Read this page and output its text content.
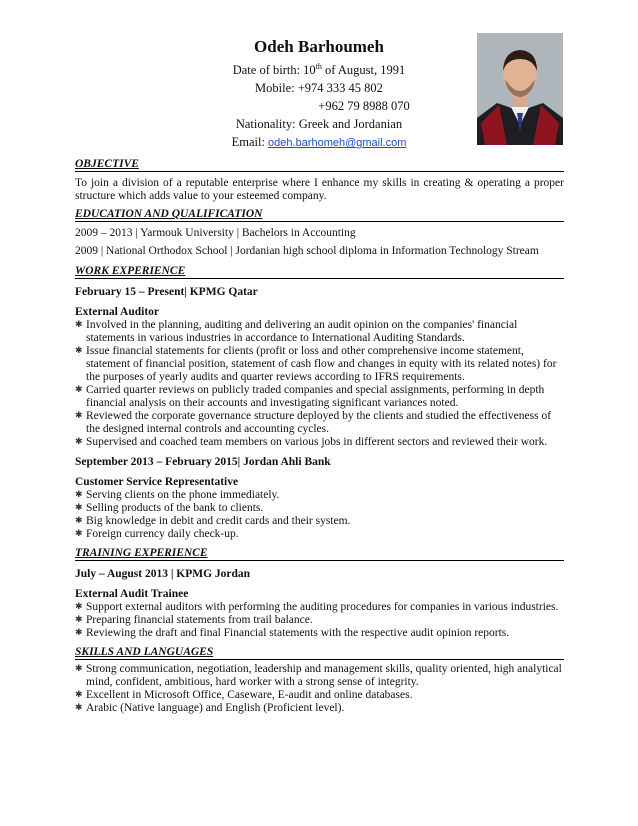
Odeh Barhoumeh
Date of birth: 10th of August, 1991
Mobile: +974 333 45 802
+962 79 8988 070
Nationality: Greek and Jordanian
Email: odeh.barhomeh@gmail.com
OBJECTIVE
To join a division of a reputable enterprise where I enhance my skills in creating & operating a proper structure which adds value to your esteemed company.
EDUCATION AND QUALIFICATION
2009 – 2013 | Yarmouk University | Bachelors in Accounting
2009 | National Orthodox School | Jordanian high school diploma in Information Technology Stream
WORK EXPERIENCE
February 15 – Present| KPMG Qatar
External Auditor
✱ Involved in the planning, auditing and delivering an audit opinion on the companies' financial statements in various industries in accordance to International Auditing Standards.
✱ Issue financial statements for clients (profit or loss and other comprehensive income statement, statement of financial position, statement of cash flow and changes in equity with its related notes) for the purposes of yearly audits and quarter reviews according to IFRS requirements.
✱ Carried quarter reviews on publicly traded companies and special assignments, performing in depth financial analysis on their accounts and investigating significant variances noted.
✱ Reviewed the corporate governance structure deployed by the clients and studied the effectiveness of the designed internal controls and accounting cycles.
✱ Supervised and coached team members on various jobs in different sectors and reviewed their work.
September 2013 – February 2015| Jordan Ahli Bank
Customer Service Representative
✱ Serving clients on the phone immediately.
✱ Selling products of the bank to clients.
✱ Big knowledge in debit and credit cards and their system.
✱ Foreign currency daily check-up.
TRAINING EXPERIENCE
July – August 2013 | KPMG Jordan
External Audit Trainee
✱ Support external auditors with performing the auditing procedures for companies in various industries.
✱ Preparing financial statements from trail balance.
✱ Reviewing the draft and final Financial statements with the respective audit opinion reports.
SKILLS AND LANGUAGES
✱ Strong communication, negotiation, leadership and management skills, quality oriented, high analytical mind, confident, ambitious, hard worker with a strong sense of integrity.
✱ Excellent in Microsoft Office, Caseware, E-audit and online databases.
✱ Arabic (Native language) and English (Proficient level).
